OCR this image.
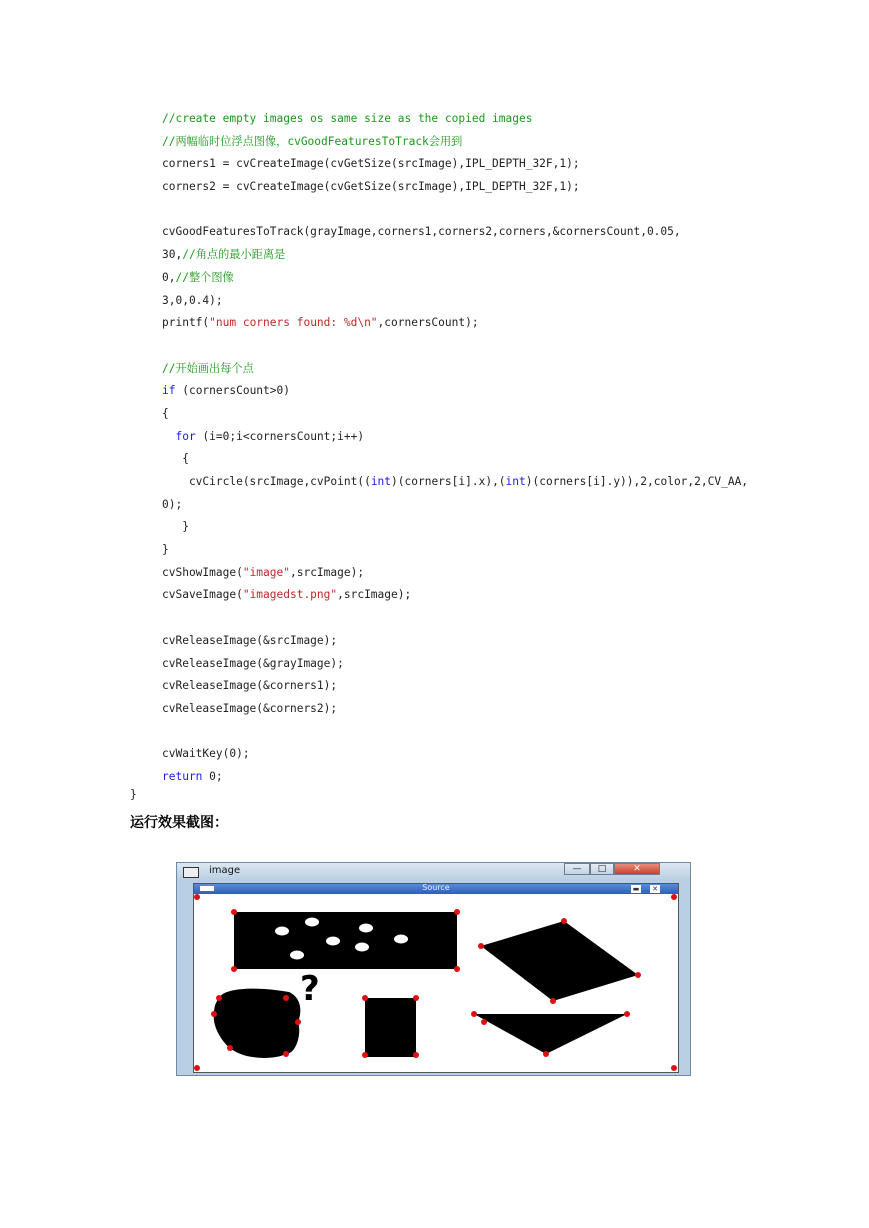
//create empty images os same size as the copied images
//两幅临时位浮点图像，cvGoodFeaturesToTrack会用到
corners1 = cvCreateImage(cvGetSize(srcImage),IPL_DEPTH_32F,1);
corners2 = cvCreateImage(cvGetSize(srcImage),IPL_DEPTH_32F,1);
cvGoodFeaturesToTrack(grayImage,corners1,corners2,corners,&cornersCount,0.05,
30,//角点的最小距离是
0,//整个图像
3,0,0.4);
printf("num corners found: %d\n",cornersCount);
//开始画出每个点
if (cornersCount>0)
{
for (i=0;i<cornersCount;i++)
{
cvCircle(srcImage,cvPoint((int)(corners[i].x),(int)(corners[i].y)),2,color,2,CV_AA,
0);
}
}
cvShowImage("image",srcImage);
cvSaveImage("imagedst.png",srcImage);
cvReleaseImage(&srcImage);
cvReleaseImage(&grayImage);
cvReleaseImage(&corners1);
cvReleaseImage(&corners2);
cvWaitKey(0);
return 0;
}
运行效果截图：
image	—	□	✕
Source	▬ ✕
?
